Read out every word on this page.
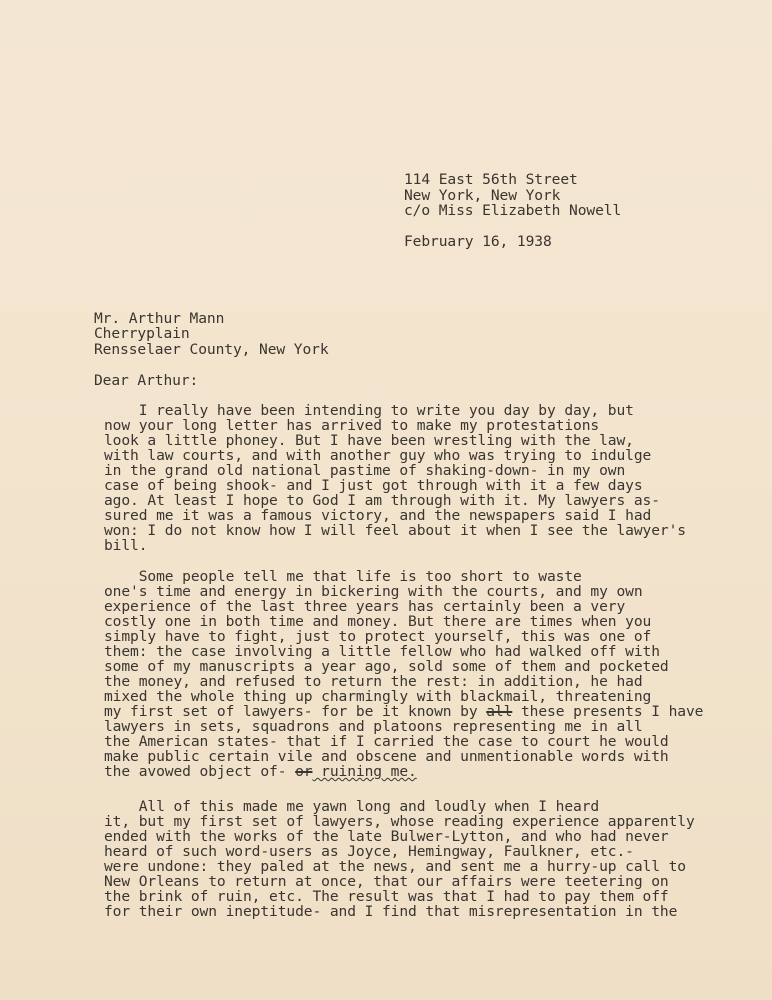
114 East 56th Street
New York, New York
c/o Miss Elizabeth Nowell
February 16, 1938
Mr. Arthur Mann
Cherryplain
Rensselaer County, New York
Dear Arthur:
I really have been intending to write you day by day, but
now your long letter has arrived to make my protestations
look a little phoney. But I have been wrestling with the law,
with law courts, and with another guy who was trying to indulge
in the grand old national pastime of shaking-down- in my own
case of being shook- and I just got through with it a few days
ago. At least I hope to God I am through with it. My lawyers as-
sured me it was a famous victory, and the newspapers said I had
won: I do not know how I will feel about it when I see the lawyer's
bill.
Some people tell me that life is too short to waste
one's time and energy in bickering with the courts, and my own
experience of the last three years has certainly been a very
costly one in both time and money. But there are times when you
simply have to fight, just to protect yourself, this was one of
them: the case involving a little fellow who had walked off with
some of my manuscripts a year ago, sold some of them and pocketed
the money, and refused to return the rest: in addition, he had
mixed the whole thing up charmingly with blackmail, threatening
my first set of lawyers- for be it known by all these presents I have
lawyers in sets, squadrons and platoons representing me in all
the American states- that if I carried the case to court he would
make public certain vile and obscene and unmentionable words with
the avowed object of- or ruining me.
All of this made me yawn long and loudly when I heard
it, but my first set of lawyers, whose reading experience apparently
ended with the works of the late Bulwer-Lytton, and who had never
heard of such word-users as Joyce, Hemingway, Faulkner, etc.-
were undone: they paled at the news, and sent me a hurry-up call to
New Orleans to return at once, that our affairs were teetering on
the brink of ruin, etc. The result was that I had to pay them off
for their own ineptitude- and I find that misrepresentation in the
